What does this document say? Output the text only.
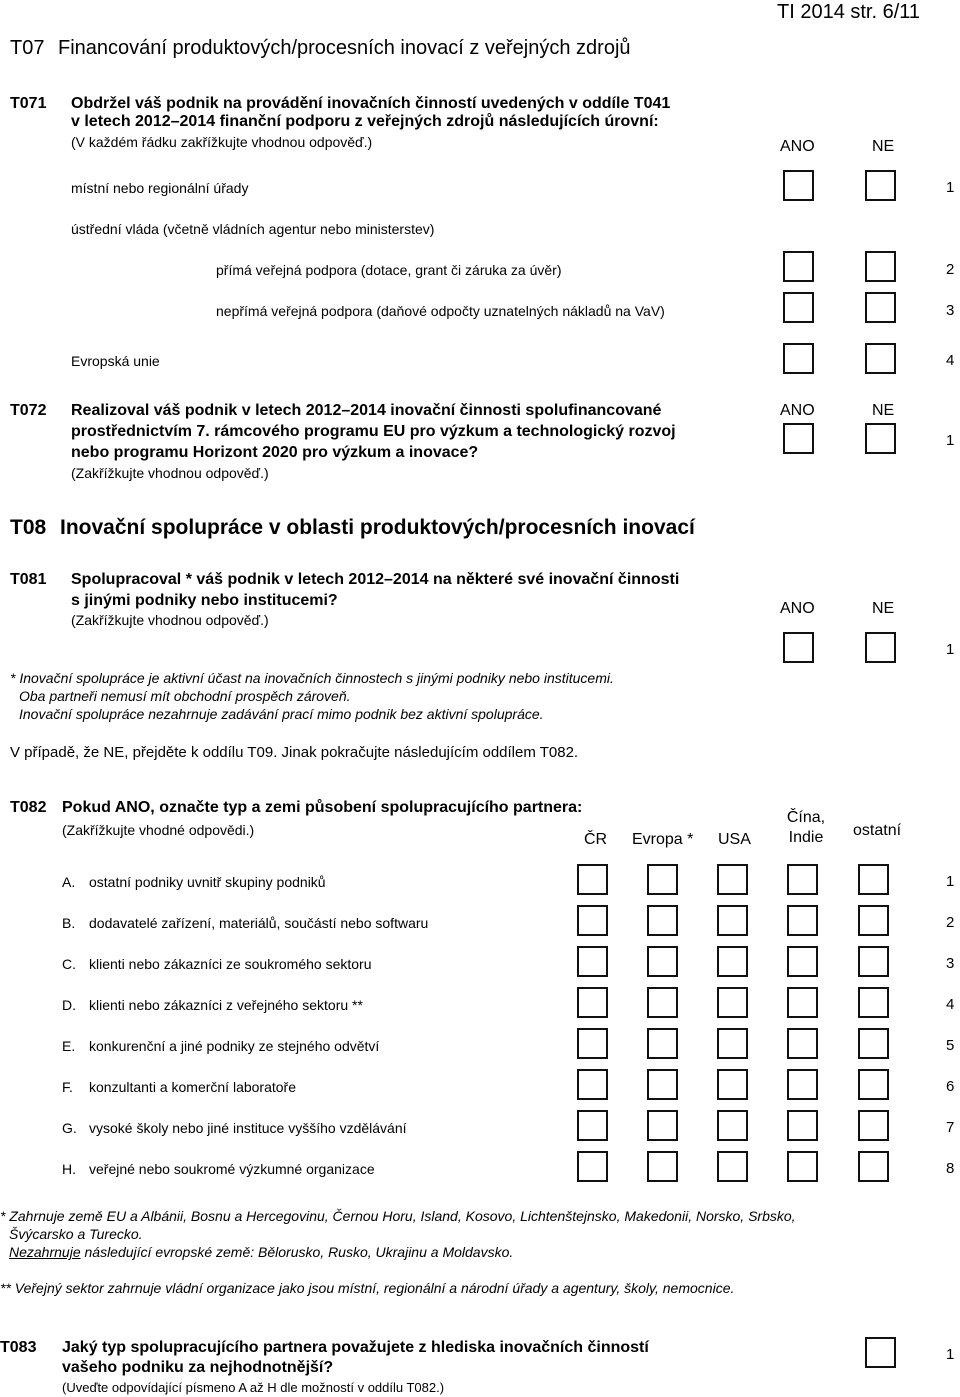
TI 2014 str. 6/11
T07 Financování produktových/procesních inovací z veřejných zdrojů
T071 Obdržel váš podnik na provádění inovačních činností uvedených v oddíle T041
v letech 2012–2014 finanční podporu z veřejných zdrojů následujících úrovní:
(V každém řádku zakřížkujte vhodnou odpověď.)	ANO	NE
místní nebo regionální úřady	1
ústřední vláda (včetně vládních agentur nebo ministerstev)
přímá veřejná podpora (dotace, grant či záruka za úvěr)	2
nepřímá veřejná podpora (daňové odpočty uznatelných nákladů na VaV)	3
Evropská unie	4
T072 Realizoval váš podnik v letech 2012–2014 inovační činnosti spolufinancované
prostřednictvím 7. rámcového programu EU pro výzkum a technologický rozvoj
nebo programu Horizont 2020 pro výzkum a inovace?
(Zakřížkujte vhodnou odpověď.)
ANO	NE
1
T08 Inovační spolupráce v oblasti produktových/procesních inovací
T081 Spolupracoval * váš podnik v letech 2012–2014 na některé své inovační činnosti
s jinými podniky nebo institucemi?
(Zakřížkujte vhodnou odpověď.)
ANO	NE
1
* Inovační spolupráce je aktivní účast na inovačních činnostech s jinými podniky nebo institucemi.
Oba partneři nemusí mít obchodní prospěch zároveň.
Inovační spolupráce nezahrnuje zadávání prací mimo podnik bez aktivní spolupráce.
V případě, že NE, přejděte k oddílu T09. Jinak pokračujte následujícím oddílem T082.
T082 Pokud ANO, označte typ a zemi působení spolupracujícího partnera:
(Zakřížkujte vhodné odpovědi.)
ČR Evropa * USA
Čína, Indie	ostatní
A. ostatní podniky uvnitř skupiny podniků	1
B. dodavatelé zařízení, materiálů, součástí nebo softwaru	2
C. klienti nebo zákazníci ze soukromého sektoru	3
D. klienti nebo zákazníci z veřejného sektoru **	4
E. konkurenční a jiné podniky ze stejného odvětví	5
F. konzultanti a komerční laboratoře	6
G. vysoké školy nebo jiné instituce vyššího vzdělávání	7
H. veřejné nebo soukromé výzkumné organizace	8
* Zahrnuje země EU a Albánii, Bosnu a Hercegovinu, Černou Horu, Island, Kosovo, Lichtenštejnsko, Makedonii, Norsko, Srbsko,
Švýcarsko a Turecko.
Nezahrnuje následující evropské země: Bělorusko, Rusko, Ukrajinu a Moldavsko.
** Veřejný sektor zahrnuje vládní organizace jako jsou místní, regionální a národní úřady a agentury, školy, nemocnice.
T083 Jaký typ spolupracujícího partnera považujete z hlediska inovačních činností
vašeho podniku za nejhodnotnější?
(Uveďte odpovídající písmeno A až H dle možností v oddílu T082.)
1
